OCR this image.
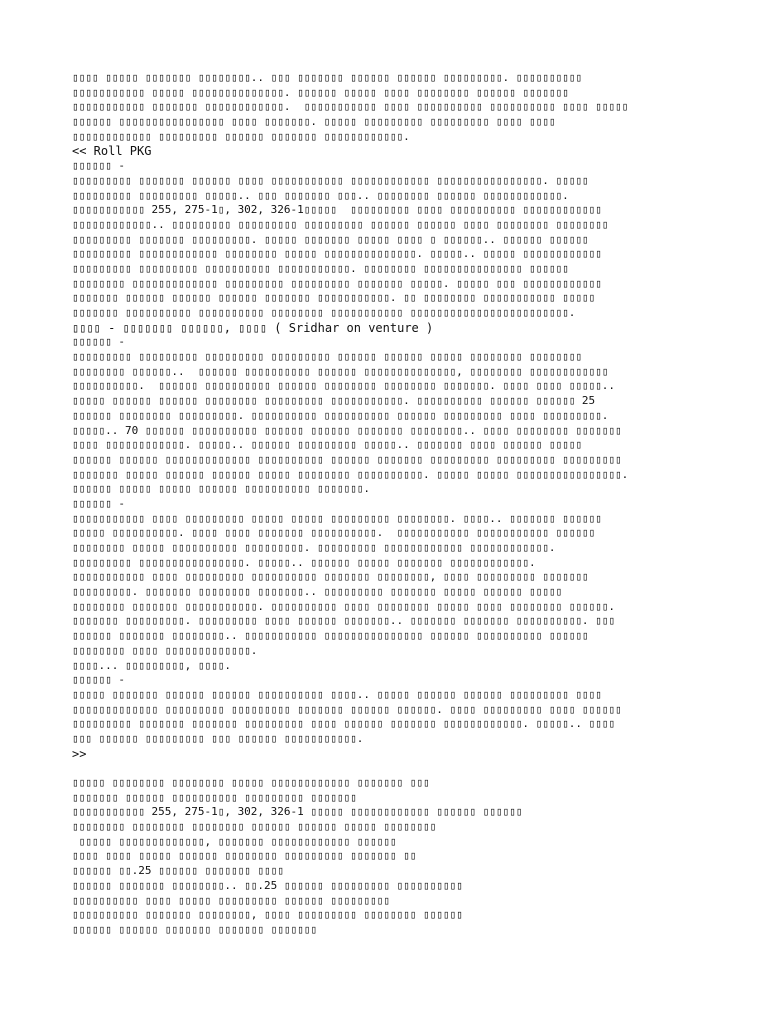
▯▯▯▯ ▯▯▯▯▯ ▯▯▯▯▯▯▯ ▯▯▯▯▯▯▯▯.. ▯▯▯ ▯▯▯▯▯▯▯ ▯▯▯▯▯▯ ▯▯▯▯▯▯ ▯▯▯▯▯▯▯▯▯. ▯▯▯▯▯▯▯▯▯▯
▯▯▯▯▯▯▯▯▯▯▯ ▯▯▯▯▯ ▯▯▯▯▯▯▯▯▯▯▯▯▯▯. ▯▯▯▯▯▯ ▯▯▯▯▯ ▯▯▯▯ ▯▯▯▯▯▯▯▯ ▯▯▯▯▯▯ ▯▯▯▯▯▯▯
▯▯▯▯▯▯▯▯▯▯▯ ▯▯▯▯▯▯▯ ▯▯▯▯▯▯▯▯▯▯▯▯.  ▯▯▯▯▯▯▯▯▯▯▯ ▯▯▯▯ ▯▯▯▯▯▯▯▯▯▯ ▯▯▯▯▯▯▯▯▯▯ ▯▯▯▯ ▯▯▯▯▯
▯▯▯▯▯▯ ▯▯▯▯▯▯▯▯▯▯▯▯▯▯▯▯ ▯▯▯▯ ▯▯▯▯▯▯▯. ▯▯▯▯▯ ▯▯▯▯▯▯▯▯▯ ▯▯▯▯▯▯▯▯▯ ▯▯▯▯ ▯▯▯▯
▯▯▯▯▯▯▯▯▯▯▯▯ ▯▯▯▯▯▯▯▯▯ ▯▯▯▯▯▯ ▯▯▯▯▯▯▯ ▯▯▯▯▯▯▯▯▯▯▯▯.
<< Roll PKG
▯▯▯▯▯▯ -
▯▯▯▯▯▯▯▯▯ ▯▯▯▯▯▯▯ ▯▯▯▯▯▯ ▯▯▯▯ ▯▯▯▯▯▯▯▯▯▯▯ ▯▯▯▯▯▯▯▯▯▯▯▯ ▯▯▯▯▯▯▯▯▯▯▯▯▯▯▯▯. ▯▯▯▯▯
▯▯▯▯▯▯▯▯▯ ▯▯▯▯▯▯▯▯▯ ▯▯▯▯▯.. ▯▯▯ ▯▯▯▯▯▯▯ ▯▯▯.. ▯▯▯▯▯▯▯▯ ▯▯▯▯▯▯ ▯▯▯▯▯▯▯▯▯▯▯▯.
▯▯▯▯▯▯▯▯▯▯▯ 255, 275-1▯, 302, 326-1▯▯▯▯▯  ▯▯▯▯▯▯▯▯▯ ▯▯▯▯ ▯▯▯▯▯▯▯▯▯▯ ▯▯▯▯▯▯▯▯▯▯▯▯
▯▯▯▯▯▯▯▯▯▯▯▯.. ▯▯▯▯▯▯▯▯▯ ▯▯▯▯▯▯▯▯▯ ▯▯▯▯▯▯▯▯▯ ▯▯▯▯▯▯ ▯▯▯▯▯▯ ▯▯▯▯ ▯▯▯▯▯▯▯▯ ▯▯▯▯▯▯▯▯
▯▯▯▯▯▯▯▯▯ ▯▯▯▯▯▯▯ ▯▯▯▯▯▯▯▯▯. ▯▯▯▯▯ ▯▯▯▯▯▯▯ ▯▯▯▯▯ ▯▯▯▯ ▯ ▯▯▯▯▯▯.. ▯▯▯▯▯▯ ▯▯▯▯▯▯
▯▯▯▯▯▯▯▯▯ ▯▯▯▯▯▯▯▯▯▯▯▯ ▯▯▯▯▯▯▯▯ ▯▯▯▯▯ ▯▯▯▯▯▯▯▯▯▯▯▯▯▯. ▯▯▯▯▯.. ▯▯▯▯▯ ▯▯▯▯▯▯▯▯▯▯▯▯
▯▯▯▯▯▯▯▯▯ ▯▯▯▯▯▯▯▯▯ ▯▯▯▯▯▯▯▯▯▯ ▯▯▯▯▯▯▯▯▯▯▯. ▯▯▯▯▯▯▯▯ ▯▯▯▯▯▯▯▯▯▯▯▯▯▯▯ ▯▯▯▯▯▯
▯▯▯▯▯▯▯▯ ▯▯▯▯▯▯▯▯▯▯▯▯▯ ▯▯▯▯▯▯▯▯▯ ▯▯▯▯▯▯▯▯▯ ▯▯▯▯▯▯▯ ▯▯▯▯▯. ▯▯▯▯▯ ▯▯▯ ▯▯▯▯▯▯▯▯▯▯▯▯
▯▯▯▯▯▯▯ ▯▯▯▯▯▯ ▯▯▯▯▯▯ ▯▯▯▯▯▯ ▯▯▯▯▯▯▯ ▯▯▯▯▯▯▯▯▯▯▯. ▯▯ ▯▯▯▯▯▯▯▯ ▯▯▯▯▯▯▯▯▯▯▯ ▯▯▯▯▯
▯▯▯▯▯▯▯ ▯▯▯▯▯▯▯▯▯▯ ▯▯▯▯▯▯▯▯▯▯ ▯▯▯▯▯▯▯▯ ▯▯▯▯▯▯▯▯▯▯▯ ▯▯▯▯▯▯▯▯▯▯▯▯▯▯▯▯▯▯▯▯▯▯▯▯.
▯▯▯▯ - ▯▯▯▯▯▯▯ ▯▯▯▯▯▯, ▯▯▯▯ ( Sridhar on venture )
▯▯▯▯▯▯ -
▯▯▯▯▯▯▯▯▯ ▯▯▯▯▯▯▯▯▯ ▯▯▯▯▯▯▯▯▯ ▯▯▯▯▯▯▯▯▯ ▯▯▯▯▯▯ ▯▯▯▯▯▯ ▯▯▯▯▯ ▯▯▯▯▯▯▯▯ ▯▯▯▯▯▯▯▯
▯▯▯▯▯▯▯▯ ▯▯▯▯▯▯..  ▯▯▯▯▯▯ ▯▯▯▯▯▯▯▯▯▯ ▯▯▯▯▯▯ ▯▯▯▯▯▯▯▯▯▯▯▯▯▯, ▯▯▯▯▯▯▯▯ ▯▯▯▯▯▯▯▯▯▯▯▯
▯▯▯▯▯▯▯▯▯▯.  ▯▯▯▯▯▯ ▯▯▯▯▯▯▯▯▯▯ ▯▯▯▯▯▯ ▯▯▯▯▯▯▯▯ ▯▯▯▯▯▯▯▯ ▯▯▯▯▯▯▯. ▯▯▯▯ ▯▯▯▯ ▯▯▯▯▯..
▯▯▯▯▯ ▯▯▯▯▯▯ ▯▯▯▯▯▯ ▯▯▯▯▯▯▯▯ ▯▯▯▯▯▯▯▯▯ ▯▯▯▯▯▯▯▯▯▯▯. ▯▯▯▯▯▯▯▯▯▯ ▯▯▯▯▯▯ ▯▯▯▯▯▯ 25
▯▯▯▯▯▯ ▯▯▯▯▯▯▯▯ ▯▯▯▯▯▯▯▯▯. ▯▯▯▯▯▯▯▯▯▯ ▯▯▯▯▯▯▯▯▯▯ ▯▯▯▯▯▯ ▯▯▯▯▯▯▯▯▯ ▯▯▯▯ ▯▯▯▯▯▯▯▯▯.
▯▯▯▯▯.. 70 ▯▯▯▯▯▯ ▯▯▯▯▯▯▯▯▯▯ ▯▯▯▯▯▯ ▯▯▯▯▯▯ ▯▯▯▯▯▯▯ ▯▯▯▯▯▯▯▯.. ▯▯▯▯ ▯▯▯▯▯▯▯▯ ▯▯▯▯▯▯▯
▯▯▯▯ ▯▯▯▯▯▯▯▯▯▯▯▯. ▯▯▯▯▯.. ▯▯▯▯▯▯ ▯▯▯▯▯▯▯▯▯ ▯▯▯▯▯.. ▯▯▯▯▯▯▯ ▯▯▯▯ ▯▯▯▯▯▯ ▯▯▯▯▯
▯▯▯▯▯▯ ▯▯▯▯▯▯ ▯▯▯▯▯▯▯▯▯▯▯▯▯ ▯▯▯▯▯▯▯▯▯▯ ▯▯▯▯▯▯ ▯▯▯▯▯▯▯ ▯▯▯▯▯▯▯▯▯ ▯▯▯▯▯▯▯▯▯ ▯▯▯▯▯▯▯▯▯
▯▯▯▯▯▯▯ ▯▯▯▯▯ ▯▯▯▯▯▯ ▯▯▯▯▯▯ ▯▯▯▯▯ ▯▯▯▯▯▯▯▯ ▯▯▯▯▯▯▯▯▯▯. ▯▯▯▯▯ ▯▯▯▯▯ ▯▯▯▯▯▯▯▯▯▯▯▯▯▯▯▯.
▯▯▯▯▯▯ ▯▯▯▯▯ ▯▯▯▯▯ ▯▯▯▯▯▯ ▯▯▯▯▯▯▯▯▯▯ ▯▯▯▯▯▯▯.
▯▯▯▯▯▯ -
▯▯▯▯▯▯▯▯▯▯▯ ▯▯▯▯ ▯▯▯▯▯▯▯▯▯ ▯▯▯▯▯ ▯▯▯▯▯ ▯▯▯▯▯▯▯▯▯ ▯▯▯▯▯▯▯▯. ▯▯▯▯.. ▯▯▯▯▯▯▯ ▯▯▯▯▯▯
▯▯▯▯▯ ▯▯▯▯▯▯▯▯▯▯. ▯▯▯▯ ▯▯▯▯ ▯▯▯▯▯▯▯ ▯▯▯▯▯▯▯▯▯▯.  ▯▯▯▯▯▯▯▯▯▯▯ ▯▯▯▯▯▯▯▯▯▯▯ ▯▯▯▯▯▯
▯▯▯▯▯▯▯▯ ▯▯▯▯▯ ▯▯▯▯▯▯▯▯▯▯ ▯▯▯▯▯▯▯▯▯. ▯▯▯▯▯▯▯▯▯ ▯▯▯▯▯▯▯▯▯▯▯▯ ▯▯▯▯▯▯▯▯▯▯▯▯.
▯▯▯▯▯▯▯▯▯ ▯▯▯▯▯▯▯▯▯▯▯▯▯▯▯▯. ▯▯▯▯▯.. ▯▯▯▯▯▯ ▯▯▯▯▯ ▯▯▯▯▯▯▯ ▯▯▯▯▯▯▯▯▯▯▯▯.
▯▯▯▯▯▯▯▯▯▯▯ ▯▯▯▯ ▯▯▯▯▯▯▯▯▯ ▯▯▯▯▯▯▯▯▯▯ ▯▯▯▯▯▯▯ ▯▯▯▯▯▯▯▯, ▯▯▯▯ ▯▯▯▯▯▯▯▯▯ ▯▯▯▯▯▯▯
▯▯▯▯▯▯▯▯▯. ▯▯▯▯▯▯▯ ▯▯▯▯▯▯▯▯ ▯▯▯▯▯▯▯.. ▯▯▯▯▯▯▯▯▯ ▯▯▯▯▯▯▯ ▯▯▯▯▯ ▯▯▯▯▯▯ ▯▯▯▯▯
▯▯▯▯▯▯▯▯ ▯▯▯▯▯▯▯ ▯▯▯▯▯▯▯▯▯▯▯. ▯▯▯▯▯▯▯▯▯▯ ▯▯▯▯ ▯▯▯▯▯▯▯▯ ▯▯▯▯▯ ▯▯▯▯ ▯▯▯▯▯▯▯▯ ▯▯▯▯▯▯.
▯▯▯▯▯▯▯ ▯▯▯▯▯▯▯▯▯. ▯▯▯▯▯▯▯▯▯ ▯▯▯▯ ▯▯▯▯▯▯ ▯▯▯▯▯▯▯.. ▯▯▯▯▯▯▯ ▯▯▯▯▯▯▯ ▯▯▯▯▯▯▯▯▯▯. ▯▯▯
▯▯▯▯▯▯ ▯▯▯▯▯▯▯ ▯▯▯▯▯▯▯▯.. ▯▯▯▯▯▯▯▯▯▯▯ ▯▯▯▯▯▯▯▯▯▯▯▯▯▯▯ ▯▯▯▯▯▯ ▯▯▯▯▯▯▯▯▯▯ ▯▯▯▯▯▯
▯▯▯▯▯▯▯▯ ▯▯▯▯ ▯▯▯▯▯▯▯▯▯▯▯▯▯.
▯▯▯▯... ▯▯▯▯▯▯▯▯▯, ▯▯▯▯.
▯▯▯▯▯▯ -
▯▯▯▯▯ ▯▯▯▯▯▯▯ ▯▯▯▯▯▯ ▯▯▯▯▯▯ ▯▯▯▯▯▯▯▯▯▯ ▯▯▯▯.. ▯▯▯▯▯ ▯▯▯▯▯▯ ▯▯▯▯▯▯ ▯▯▯▯▯▯▯▯▯ ▯▯▯▯
▯▯▯▯▯▯▯▯▯▯▯▯▯ ▯▯▯▯▯▯▯▯▯ ▯▯▯▯▯▯▯▯▯ ▯▯▯▯▯▯▯ ▯▯▯▯▯▯ ▯▯▯▯▯▯. ▯▯▯▯ ▯▯▯▯▯▯▯▯▯ ▯▯▯▯ ▯▯▯▯▯▯
▯▯▯▯▯▯▯▯▯ ▯▯▯▯▯▯▯ ▯▯▯▯▯▯▯ ▯▯▯▯▯▯▯▯▯ ▯▯▯▯ ▯▯▯▯▯▯ ▯▯▯▯▯▯▯ ▯▯▯▯▯▯▯▯▯▯▯▯. ▯▯▯▯▯.. ▯▯▯▯
▯▯▯ ▯▯▯▯▯▯ ▯▯▯▯▯▯▯▯▯ ▯▯▯ ▯▯▯▯▯▯ ▯▯▯▯▯▯▯▯▯▯▯.
>>
▯▯▯▯▯ ▯▯▯▯▯▯▯▯ ▯▯▯▯▯▯▯▯ ▯▯▯▯▯ ▯▯▯▯▯▯▯▯▯▯▯▯ ▯▯▯▯▯▯▯ ▯▯▯
▯▯▯▯▯▯▯ ▯▯▯▯▯▯ ▯▯▯▯▯▯▯▯▯▯ ▯▯▯▯▯▯▯▯▯ ▯▯▯▯▯▯▯
▯▯▯▯▯▯▯▯▯▯▯ 255, 275-1▯, 302, 326-1 ▯▯▯▯▯ ▯▯▯▯▯▯▯▯▯▯▯▯ ▯▯▯▯▯▯ ▯▯▯▯▯▯
▯▯▯▯▯▯▯▯ ▯▯▯▯▯▯▯▯ ▯▯▯▯▯▯▯▯ ▯▯▯▯▯▯ ▯▯▯▯▯▯ ▯▯▯▯▯ ▯▯▯▯▯▯▯▯
▯▯▯▯▯ ▯▯▯▯▯▯▯▯▯▯▯▯▯, ▯▯▯▯▯▯▯ ▯▯▯▯▯▯▯▯▯▯▯▯ ▯▯▯▯▯▯
▯▯▯▯ ▯▯▯▯ ▯▯▯▯▯ ▯▯▯▯▯▯ ▯▯▯▯▯▯▯▯ ▯▯▯▯▯▯▯▯▯ ▯▯▯▯▯▯▯ ▯▯
▯▯▯▯▯▯ ▯▯.25 ▯▯▯▯▯▯ ▯▯▯▯▯▯▯ ▯▯▯▯
▯▯▯▯▯▯ ▯▯▯▯▯▯▯ ▯▯▯▯▯▯▯▯.. ▯▯.25 ▯▯▯▯▯▯ ▯▯▯▯▯▯▯▯▯ ▯▯▯▯▯▯▯▯▯▯
▯▯▯▯▯▯▯▯▯▯ ▯▯▯▯ ▯▯▯▯▯ ▯▯▯▯▯▯▯▯▯ ▯▯▯▯▯▯ ▯▯▯▯▯▯▯▯▯
▯▯▯▯▯▯▯▯▯▯ ▯▯▯▯▯▯▯ ▯▯▯▯▯▯▯▯, ▯▯▯▯ ▯▯▯▯▯▯▯▯▯ ▯▯▯▯▯▯▯▯ ▯▯▯▯▯▯
▯▯▯▯▯▯ ▯▯▯▯▯▯ ▯▯▯▯▯▯▯ ▯▯▯▯▯▯▯ ▯▯▯▯▯▯▯
